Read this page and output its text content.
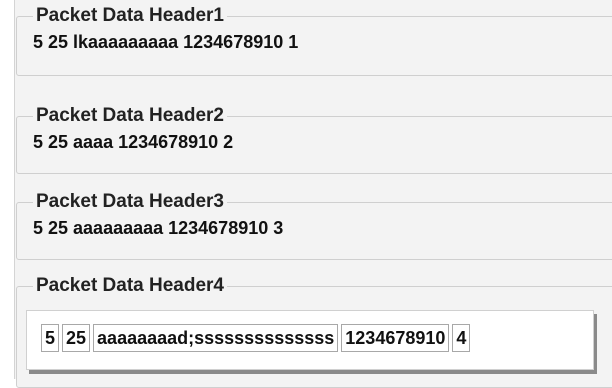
Packet Data Header1
5 25 lkaaaaaaaaa 1234678910 1
Packet Data Header2
5 25 aaaa 1234678910 2
Packet Data Header3
5 25 aaaaaaaaa 1234678910 3
Packet Data Header4
5 25 aaaaaaaad;ssssssssssssss 1234678910 4
